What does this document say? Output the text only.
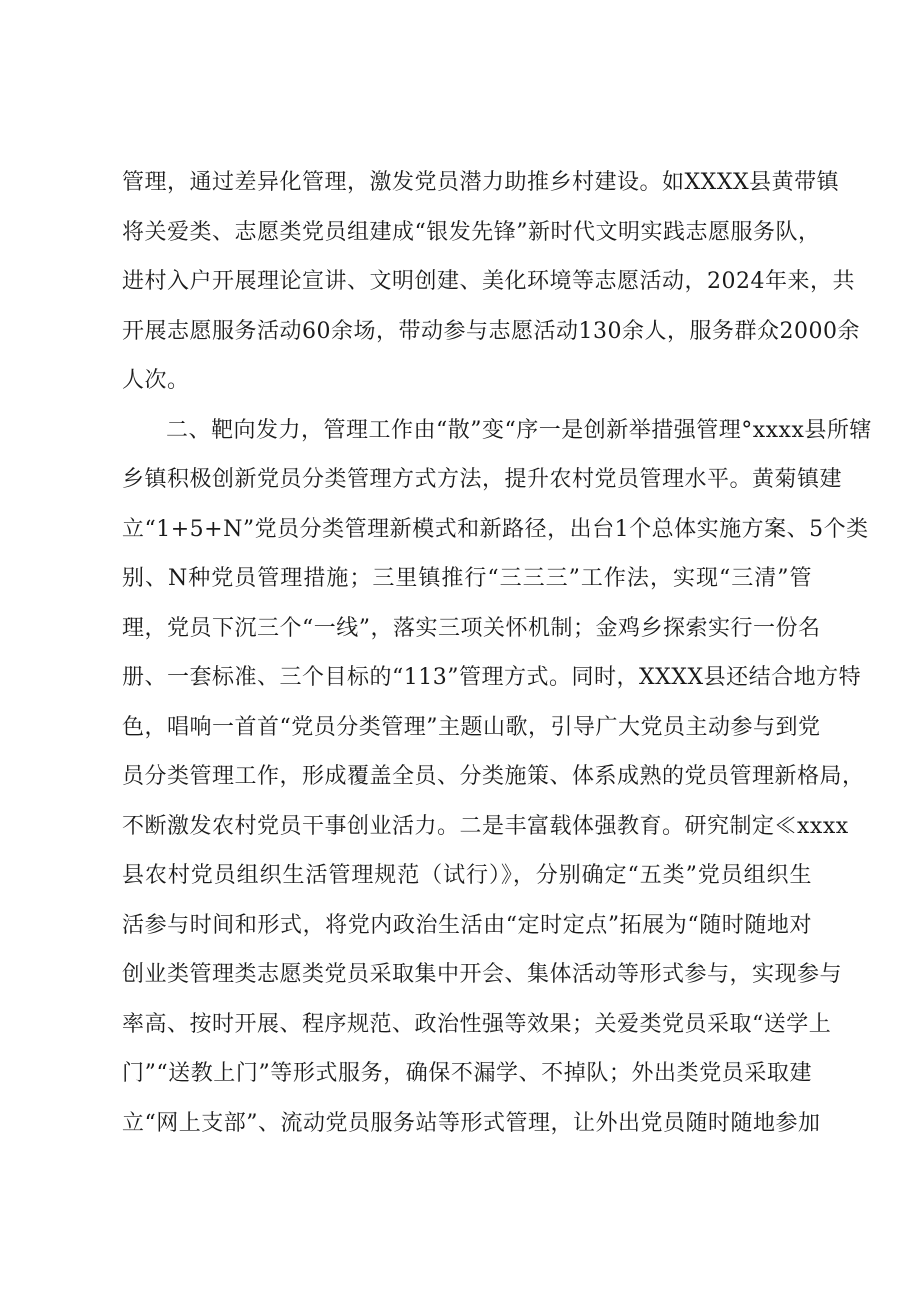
管理，通过差异化管理，激发党员潜力助推乡村建设。如XXXX县黄带镇
将关爱类、志愿类党员组建成“银发先锋”新时代文明实践志愿服务队，
进村入户开展理论宣讲、文明创建、美化环境等志愿活动，2024年来，共
开展志愿服务活动60余场，带动参与志愿活动130余人，服务群众2000余
人次。
二、靶向发力，管理工作由“散”变“序一是创新举措强管理°xxxx县所辖
乡镇积极创新党员分类管理方式方法，提升农村党员管理水平。黄菊镇建
立“1+5+N”党员分类管理新模式和新路径，出台1个总体实施方案、5个类
别、N种党员管理措施；三里镇推行“三三三”工作法，实现“三清”管
理，党员下沉三个“一线”，落实三项关怀机制；金鸡乡探索实行一份名
册、一套标准、三个目标的“113”管理方式。同时，XXXX县还结合地方特
色，唱响一首首“党员分类管理”主题山歌，引导广大党员主动参与到党
员分类管理工作，形成覆盖全员、分类施策、体系成熟的党员管理新格局，
不断激发农村党员干事创业活力。二是丰富载体强教育。研究制定≪xxxx
县农村党员组织生活管理规范（试行）》，分别确定“五类”党员组织生
活参与时间和形式，将党内政治生活由“定时定点”拓展为“随时随地对
创业类管理类志愿类党员采取集中开会、集体活动等形式参与，实现参与
率高、按时开展、程序规范、政治性强等效果；关爱类党员采取“送学上
门”“送教上门”等形式服务，确保不漏学、不掉队；外出类党员采取建
立“网上支部”、流动党员服务站等形式管理，让外出党员随时随地参加
